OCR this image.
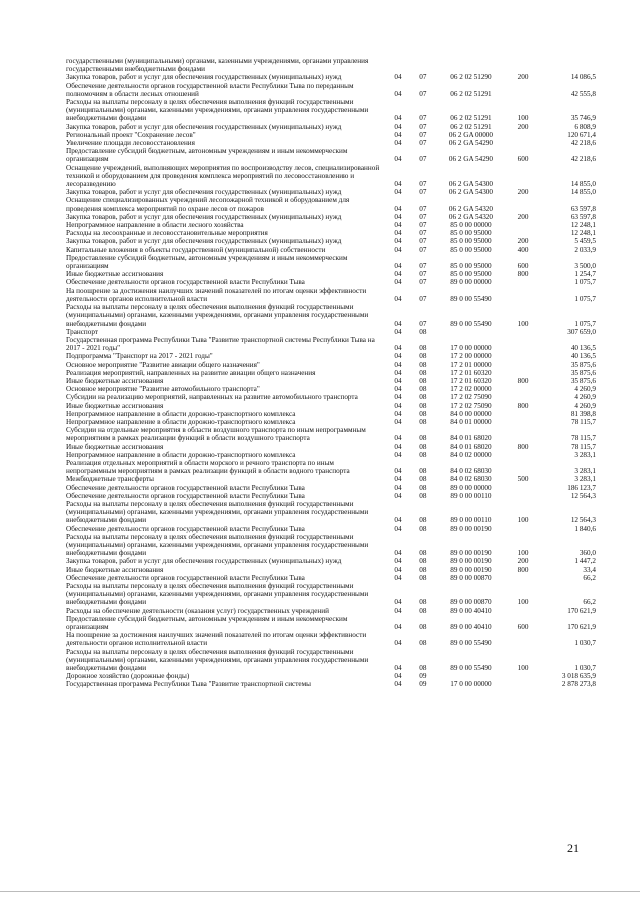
государственными (муниципальными) органами, казенными учреждениями, органами управления государственными внебюджетными фондами
Закупка товаров, работ и услуг для обеспечения государственных (муниципальных) нужд	04	07	06 2 02 51290	200	14 086,5
Обеспечение деятельности органов государственной власти Республики Тыва по переданным полномочиям в области лесных отношений	04	07	06 2 02 51291	42 555,8
Расходы на выплаты персоналу в целях обеспечения выполнения функций государственными (муниципальными) органами, казенными учреждениями, органами управления государственными внебюджетными фондами	04	07	06 2 02 51291	100	35 746,9
Закупка товаров, работ и услуг для обеспечения государственных (муниципальных) нужд	04	07	06 2 02 51291	200	6 808,9
Региональный проект "Сохранение лесов"	04	07	06 2 GA 00000	120 671,4
Увеличение площади лесовосстановления	04	07	06 2 GA 54290	42 218,6
Предоставление субсидий бюджетным, автономным учреждениям и иным некоммерческим организациям	04	07	06 2 GA 54290	600	42 218,6
Оснащение учреждений, выполняющих мероприятия по воспроизводству лесов, специализированной техникой и оборудованием для проведения комплекса мероприятий по лесовосстановлению и лесоразведению	04	07	06 2 GA 54300	14 855,0
Закупка товаров, работ и услуг для обеспечения государственных (муниципальных) нужд	04	07	06 2 GA 54300	200	14 855,0
Оснащение специализированных учреждений лесопожарной техникой и оборудованием для проведения комплекса мероприятий по охране лесов от пожаров	04	07	06 2 GA 54320	63 597,8
Закупка товаров, работ и услуг для обеспечения государственных (муниципальных) нужд	04	07	06 2 GA 54320	200	63 597,8
Непрограммное направление в области лесного хозяйства	04	07	85 0 00 00000	12 248,1
Расходы на лесоохранные и лесовосстановительные мероприятия	04	07	85 0 00 95000	12 248,1
Закупка товаров, работ и услуг для обеспечения государственных (муниципальных) нужд	04	07	85 0 00 95000	200	5 459,5
Капитальные вложения в объекты государственной (муниципальной) собственности	04	07	85 0 00 95000	400	2 033,9
Предоставление субсидий бюджетным, автономным учреждениям и иным некоммерческим организациям	04	07	85 0 00 95000	600	3 500,0
Иные бюджетные ассигнования	04	07	85 0 00 95000	800	1 254,7
Обеспечение деятельности органов государственной власти Республики Тыва	04	07	89 0 00 00000	1 075,7
На поощрение за достижения наилучших значений показателей по итогам оценки эффективности деятельности органов исполнительной власти	04	07	89 0 00 55490	1 075,7
Расходы на выплаты персоналу в целях обеспечения выполнения функций государственными (муниципальными) органами, казенными учреждениями, органами управления государственными внебюджетными фондами	04	07	89 0 00 55490	100	1 075,7
Транспорт	04	08	307 659,0
Государственная программа Республики Тыва "Развитие транспортной системы Республики Тыва на 2017 - 2021 годы"	04	08	17 0 00 00000	40 136,5
Подпрограмма "Транспорт на 2017 - 2021 годы"	04	08	17 2 00 00000	40 136,5
Основное мероприятие "Развитие авиации общего назначения"	04	08	17 2 01 00000	35 875,6
Реализация мероприятий, направленных на развитие авиации общего назначения	04	08	17 2 01 60320	35 875,6
Иные бюджетные ассигнования	04	08	17 2 01 60320	800	35 875,6
Основное мероприятие "Развитие автомобильного транспорта"	04	08	17 2 02 00000	4 260,9
Субсидии на реализацию мероприятий, направленных на развитие автомобильного транспорта	04	08	17 2 02 75090	4 260,9
Иные бюджетные ассигнования	04	08	17 2 02 75090	800	4 260,9
Непрограммное направление в области дорожно-транспортного комплекса	04	08	84 0 00 00000	81 398,8
Непрограммное направление в области дорожно-транспортного комплекса	04	08	84 0 01 00000	78 115,7
Субсидии на отдельные мероприятия в области воздушного транспорта по иным непрограммным мероприятиям в рамках реализации функций в области воздушного транспорта	04	08	84 0 01 68020	78 115,7
Иные бюджетные ассигнования	04	08	84 0 01 68020	800	78 115,7
Непрограммное направление в области дорожно-транспортного комплекса	04	08	84 0 02 00000	3 283,1
Реализация отдельных мероприятий в области морского и речного транспорта по иным непрограммным мероприятиям в рамках реализации функций в области водного транспорта	04	08	84 0 02 68030	3 283,1
Межбюджетные трансферты	04	08	84 0 02 68030	500	3 283,1
Обеспечение деятельности органов государственной власти Республики Тыва	04	08	89 0 00 00000	186 123,7
Обеспечение деятельности органов государственной власти Республики Тыва	04	08	89 0 00 00110	12 564,3
Расходы на выплаты персоналу в целях обеспечения выполнения функций государственными (муниципальными) органами, казенными учреждениями, органами управления государственными внебюджетными фондами	04	08	89 0 00 00110	100	12 564,3
Обеспечение деятельности органов государственной власти Республики Тыва	04	08	89 0 00 00190	1 840,6
Расходы на выплаты персоналу в целях обеспечения выполнения функций государственными (муниципальными) органами, казенными учреждениями, органами управления государственными внебюджетными фондами	04	08	89 0 00 00190	100	360,0
Закупка товаров, работ и услуг для обеспечения государственных (муниципальных) нужд	04	08	89 0 00 00190	200	1 447,2
Иные бюджетные ассигнования	04	08	89 0 00 00190	800	33,4
Обеспечение деятельности органов государственной власти Республики Тыва	04	08	89 0 00 00870	66,2
Расходы на выплаты персоналу в целях обеспечения выполнения функций государственными (муниципальными) органами, казенными учреждениями, органами управления государственными внебюджетными фондами	04	08	89 0 00 00870	100	66,2
Расходы на обеспечение деятельности (оказания услуг) государственных учреждений	04	08	89 0 00 40410	170 621,9
Предоставление субсидий бюджетным, автономным учреждениям и иным некоммерческим организациям	04	08	89 0 00 40410	600	170 621,9
На поощрение за достижения наилучших значений показателей по итогам оценки эффективности деятельности органов исполнительной власти	04	08	89 0 00 55490	1 030,7
Расходы на выплаты персоналу в целях обеспечения выполнения функций государственными (муниципальными) органами, казенными учреждениями, органами управления государственными внебюджетными фондами	04	08	89 0 00 55490	100	1 030,7
Дорожное хозяйство (дорожные фонды)	04	09	3 018 635,9
Государственная программа Республики Тыва "Развитие транспортной системы	04	09	17 0 00 00000	2 878 273,8
21
